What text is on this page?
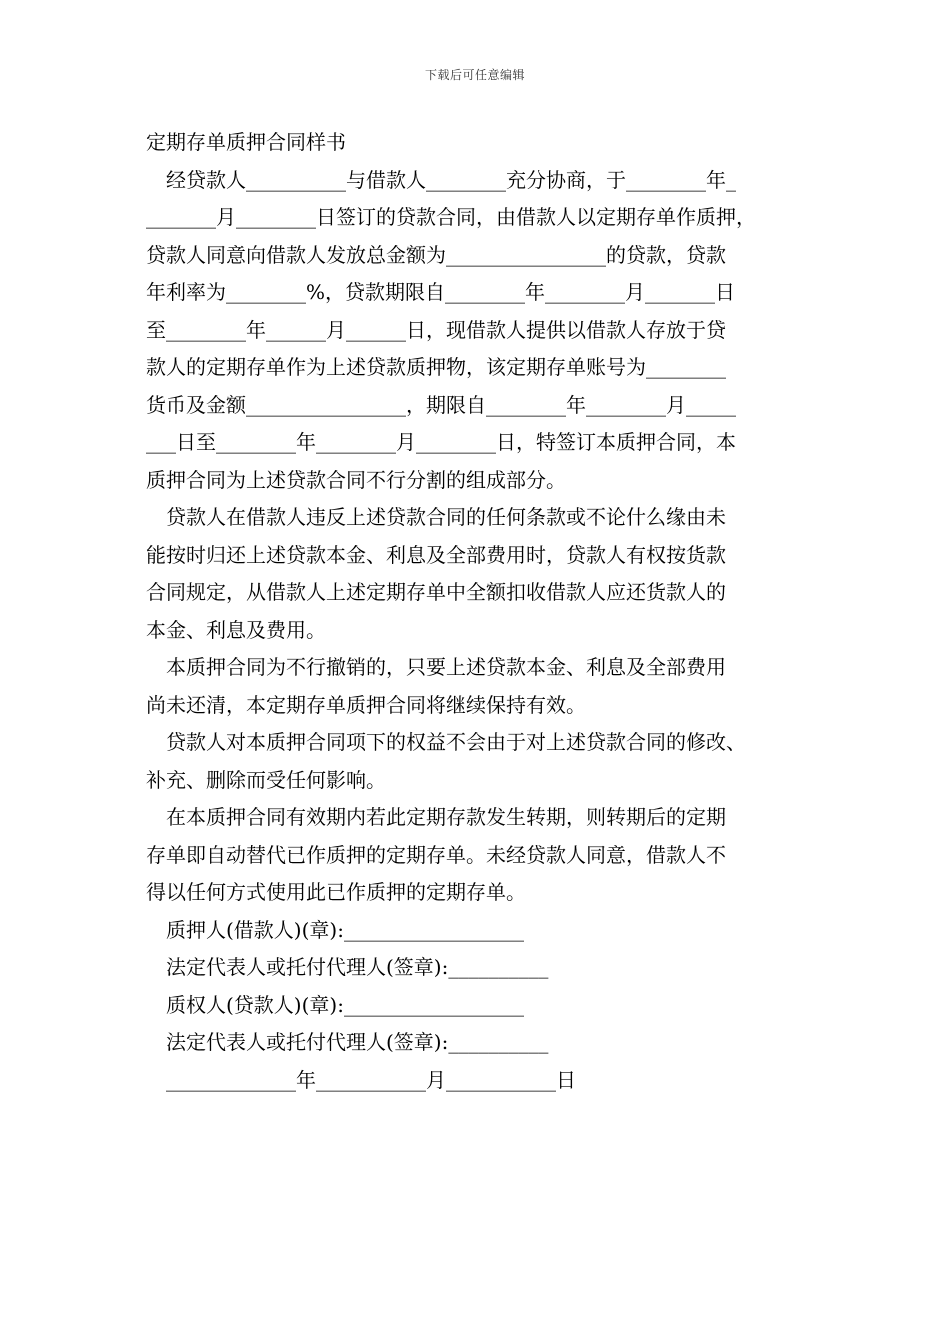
下载后可任意编辑
定期存单质押合同样书
经贷款人__________与借款人________充分协商，于________年_
_______月________日签订的贷款合同，由借款人以定期存单作质押，
贷款人同意向借款人发放总金额为________________的贷款，贷款
年利率为________%，贷款期限自________年________月_______日
至________年______月______日，现借款人提供以借款人存放于贷
款人的定期存单作为上述贷款质押物，该定期存单账号为________
货币及金额________________，期限自________年________月_____
___日至________年________月________日，特签订本质押合同，本
质押合同为上述贷款合同不行分割的组成部分。
贷款人在借款人违反上述贷款合同的任何条款或不论什么缘由未
能按时归还上述贷款本金、利息及全部费用时，贷款人有权按货款
合同规定，从借款人上述定期存单中全额扣收借款人应还货款人的
本金、利息及费用。
本质押合同为不行撤销的，只要上述贷款本金、利息及全部费用
尚未还清，本定期存单质押合同将继续保持有效。
贷款人对本质押合同项下的权益不会由于对上述贷款合同的修改、
补充、删除而受任何影响。
在本质押合同有效期内若此定期存款发生转期，则转期后的定期
存单即自动替代已作质押的定期存单。未经贷款人同意，借款人不
得以任何方式使用此已作质押的定期存单。
质押人(借款人)(章):__________________
法定代表人或托付代理人(签章):__________
质权人(贷款人)(章):__________________
法定代表人或托付代理人(签章):__________
_____________年___________月___________日
